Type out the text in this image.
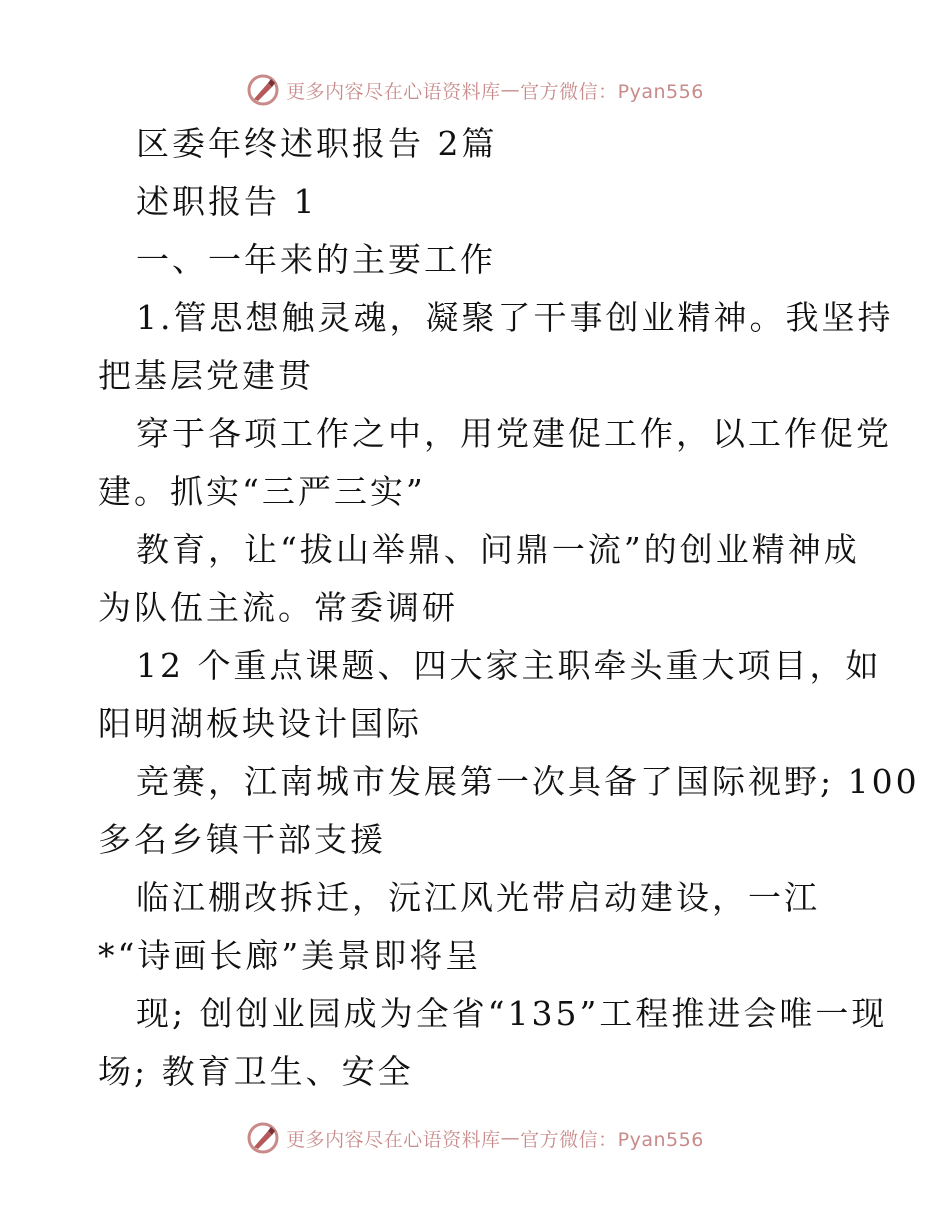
更多内容尽在心语资料库 — 官方微信：Pyan556
区委年终述职报告 2篇
述职报告 1
一、一年来的主要工作
1.管思想触灵魂，凝聚了干事创业精神。我坚持
把基层党建贯
穿于各项工作之中，用党建促工作，以工作促党
建。抓实“三严三实”
教育，让“拔山举鼎、问鼎一流”的创业精神成
为队伍主流。常委调研
12 个重点课题、四大家主职牵头重大项目，如
阳明湖板块设计国际
竞赛，江南城市发展第一次具备了国际视野; 100
多名乡镇干部支援
临江棚改拆迁，沅江风光带启动建设，一江
*“诗画长廊”美景即将呈
现; 创创业园成为全省“135”工程推进会唯一现
场; 教育卫生、安全
更多内容尽在心语资料库 — 官方微信：Pyan556
